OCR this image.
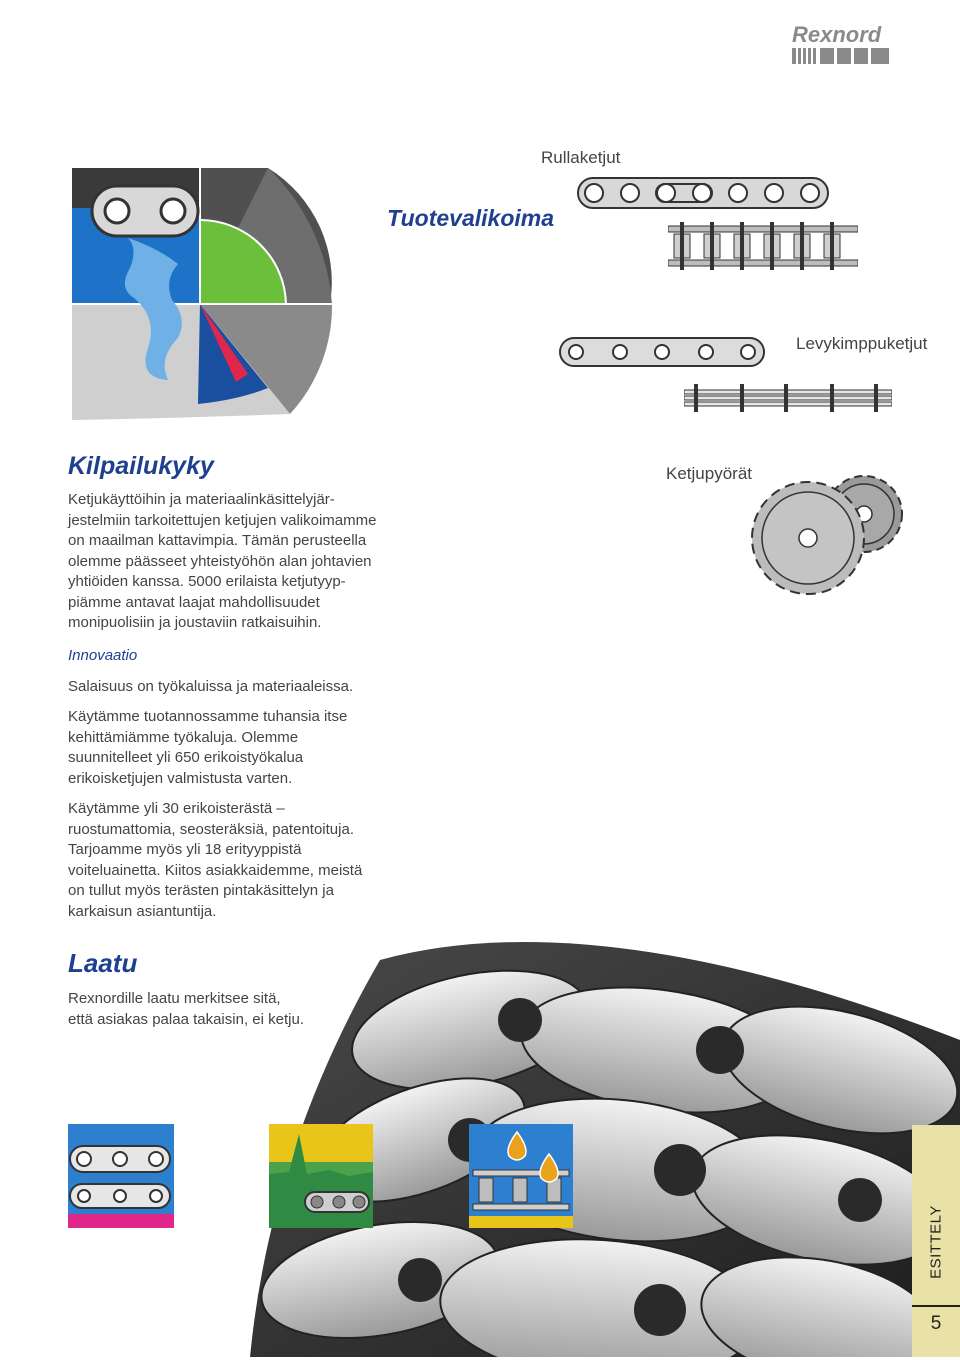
Rexnord
Rullaketjut
Tuotevalikoima
Levykimppuketjut
Ketjupyörät
Kilpailukyky
Ketjukäyttöihin ja materiaalinkäsittelyjär-
jestelmiin tarkoitettujen ketjujen valikoimamme
on maailman kattavimpia. Tämän perusteella
olemme päässeet yhteistyöhön alan johtavien
yhtiöiden kanssa. 5000 erilaista ketjutyyp-
piämme antavat laajat mahdollisuudet
monipuolisiin ja joustaviin ratkaisuihin.
Innovaatio
Salaisuus on työkaluissa ja materiaaleissa.
Käytämme tuotannossamme tuhansia itse
kehittämiämme työkaluja. Olemme
suunnitelleet yli 650 erikoistyökalua
erikoisketjujen valmistusta varten.
Käytämme yli 30 erikoisterästä –
ruostumattomia, seosteräksiä, patentoituja.
Tarjoamme myös yli 18 erityyppistä
voiteluainetta. Kiitos asiakkaidemme, meistä
on tullut myös terästen pintakäsittelyn ja
karkaisun asiantuntija.
Laatu
Rexnordille laatu merkitsee sitä,
että asiakas palaa takaisin, ei ketju.
ESITTELY
5
